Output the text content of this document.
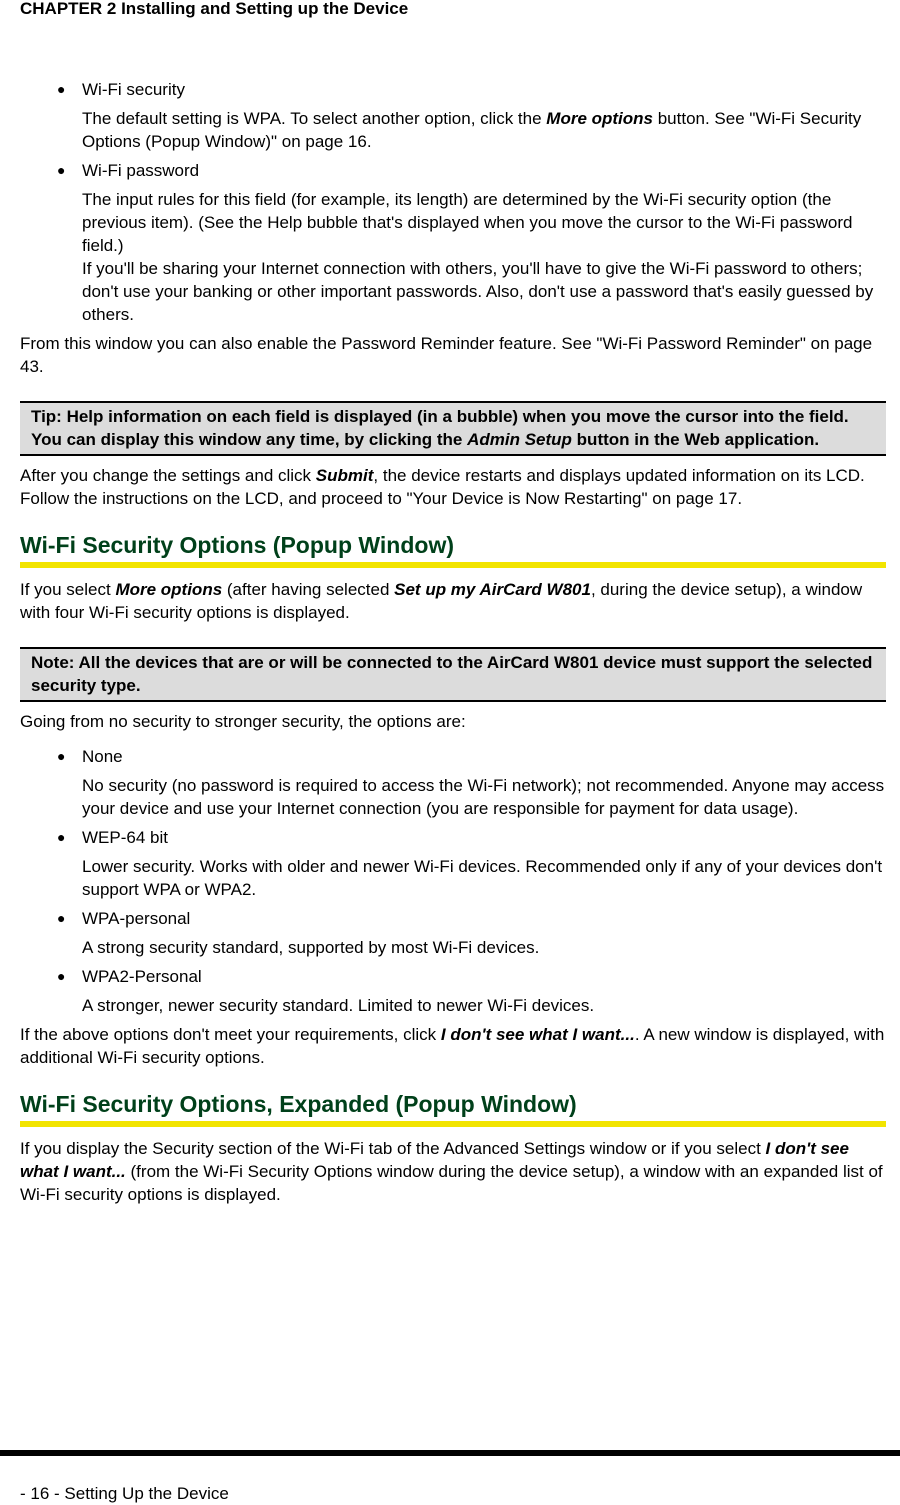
CHAPTER 2 Installing and Setting up the Device
● Wi-Fi security

The default setting is WPA. To select another option, click the More options button. See "Wi-Fi Security Options (Popup Window)" on page 16.

● Wi-Fi password

The input rules for this field (for example, its length) are determined by the Wi-Fi security option (the previous item). (See the Help bubble that's displayed when you move the cursor to the Wi-Fi password field.)

If you'll be sharing your Internet connection with others, you'll have to give the Wi-Fi password to others; don't use your banking or other important passwords. Also, don't use a password that's easily guessed by others.

From this window you can also enable the Password Reminder feature. See "Wi-Fi Password Reminder" on page 43.

Tip: Help information on each field is displayed (in a bubble) when you move the cursor into the field.

You can display this window any time, by clicking the Admin Setup button in the Web application.

After you change the settings and click Submit, the device restarts and displays updated information on its LCD. Follow the instructions on the LCD, and proceed to "Your Device is Now Restarting" on page 17.

Wi-Fi Security Options (Popup Window)

If you select More options (after having selected Set up my AirCard W801, during the device setup), a window with four Wi-Fi security options is displayed.

Note: All the devices that are or will be connected to the AirCard W801 device must support the selected security type.

Going from no security to stronger security, the options are:

● None
No security (no password is required to access the Wi-Fi network); not recommended. Anyone may access your device and use your Internet connection (you are responsible for payment for data usage).
● WEP-64 bit
Lower security. Works with older and newer Wi-Fi devices. Recommended only if any of your devices don't support WPA or WPA2.
● WPA-personal
A strong security standard, supported by most Wi-Fi devices.
● WPA2-Personal
A stronger, newer security standard. Limited to newer Wi-Fi devices.

If the above options don't meet your requirements, click I don't see what I want.... A new window is displayed, with additional Wi-Fi security options.

Wi-Fi Security Options, Expanded (Popup Window)

If you display the Security section of the Wi-Fi tab of the Advanced Settings window or if you select I don't see what I want... (from the Wi-Fi Security Options window during the device setup), a window with an expanded list of Wi-Fi security options is displayed.

- 16 - Setting Up the Device
